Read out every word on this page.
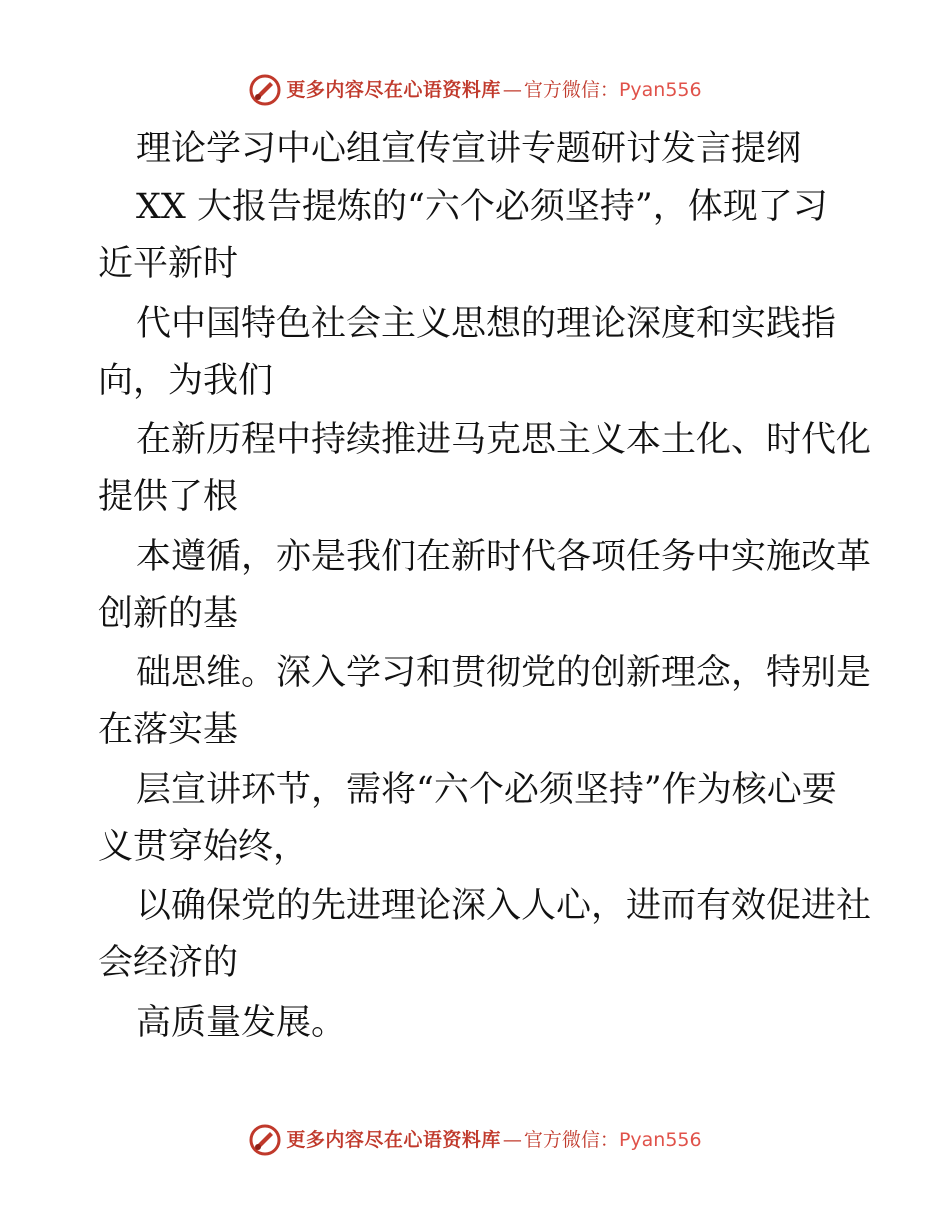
更多内容尽在心语资料库 — 官方微信： Pyan556
理论学习中心组宣传宣讲专题研讨发言提纲
XX 大报告提炼的“六个必须坚持”，体现了习
近平新时
代中国特色社会主义思想的理论深度和实践指
向，为我们
在新历程中持续推进马克思主义本土化、时代化
提供了根
本遵循，亦是我们在新时代各项任务中实施改革
创新的基
础思维。深入学习和贯彻党的创新理念，特别是
在落实基
层宣讲环节，需将“六个必须坚持”作为核心要
义贯穿始终，
以确保党的先进理论深入人心，进而有效促进社
会经济的
高质量发展。
更多内容尽在心语资料库 — 官方微信： Pyan556
